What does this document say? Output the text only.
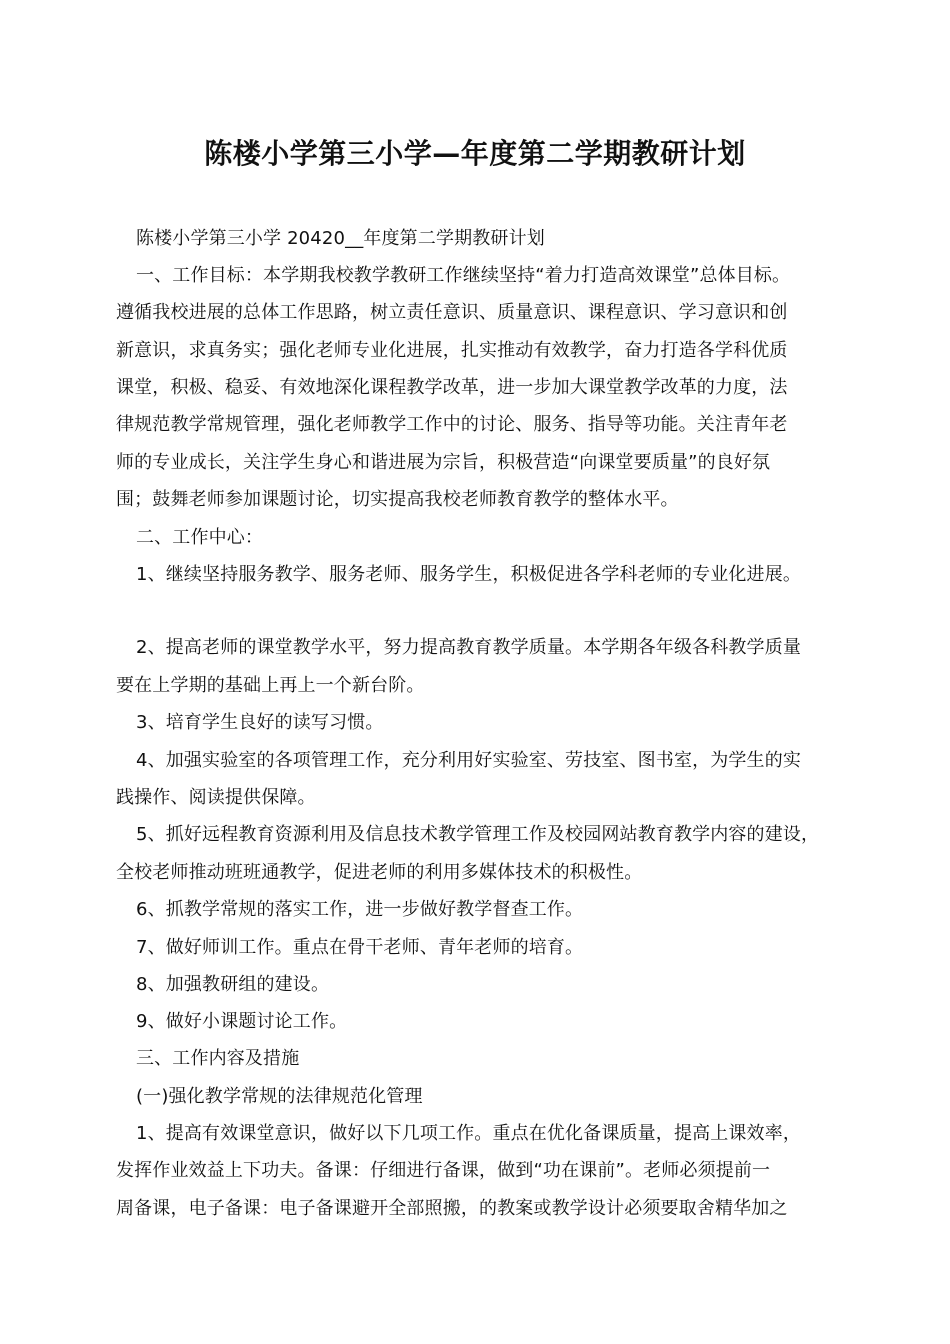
陈楼小学第三小学—年度第二学期教研计划
陈楼小学第三小学 20420__年度第二学期教研计划
一、工作目标：本学期我校教学教研工作继续坚持“着力打造高效课堂”总体目标。
遵循我校进展的总体工作思路，树立责任意识、质量意识、课程意识、学习意识和创
新意识，求真务实；强化老师专业化进展，扎实推动有效教学，奋力打造各学科优质
课堂，积极、稳妥、有效地深化课程教学改革，进一步加大课堂教学改革的力度，法
律规范教学常规管理，强化老师教学工作中的讨论、服务、指导等功能。关注青年老
师的专业成长，关注学生身心和谐进展为宗旨，积极营造“向课堂要质量”的良好氛
围；鼓舞老师参加课题讨论，切实提高我校老师教育教学的整体水平。
二、工作中心：
1、继续坚持服务教学、服务老师、服务学生，积极促进各学科老师的专业化进展。
2、提高老师的课堂教学水平，努力提高教育教学质量。本学期各年级各科教学质量
要在上学期的基础上再上一个新台阶。
3、培育学生良好的读写习惯。
4、加强实验室的各项管理工作，充分利用好实验室、劳技室、图书室，为学生的实
践操作、阅读提供保障。
5、抓好远程教育资源利用及信息技术教学管理工作及校园网站教育教学内容的建设，
全校老师推动班班通教学，促进老师的利用多媒体技术的积极性。
6、抓教学常规的落实工作，进一步做好教学督查工作。
7、做好师训工作。重点在骨干老师、青年老师的培育。
8、加强教研组的建设。
9、做好小课题讨论工作。
三、工作内容及措施
(一)强化教学常规的法律规范化管理
1、提高有效课堂意识，做好以下几项工作。重点在优化备课质量，提高上课效率，
发挥作业效益上下功夫。备课：仔细进行备课，做到“功在课前”。老师必须提前一
周备课，电子备课：电子备课避开全部照搬，的教案或教学设计必须要取舍精华加之
